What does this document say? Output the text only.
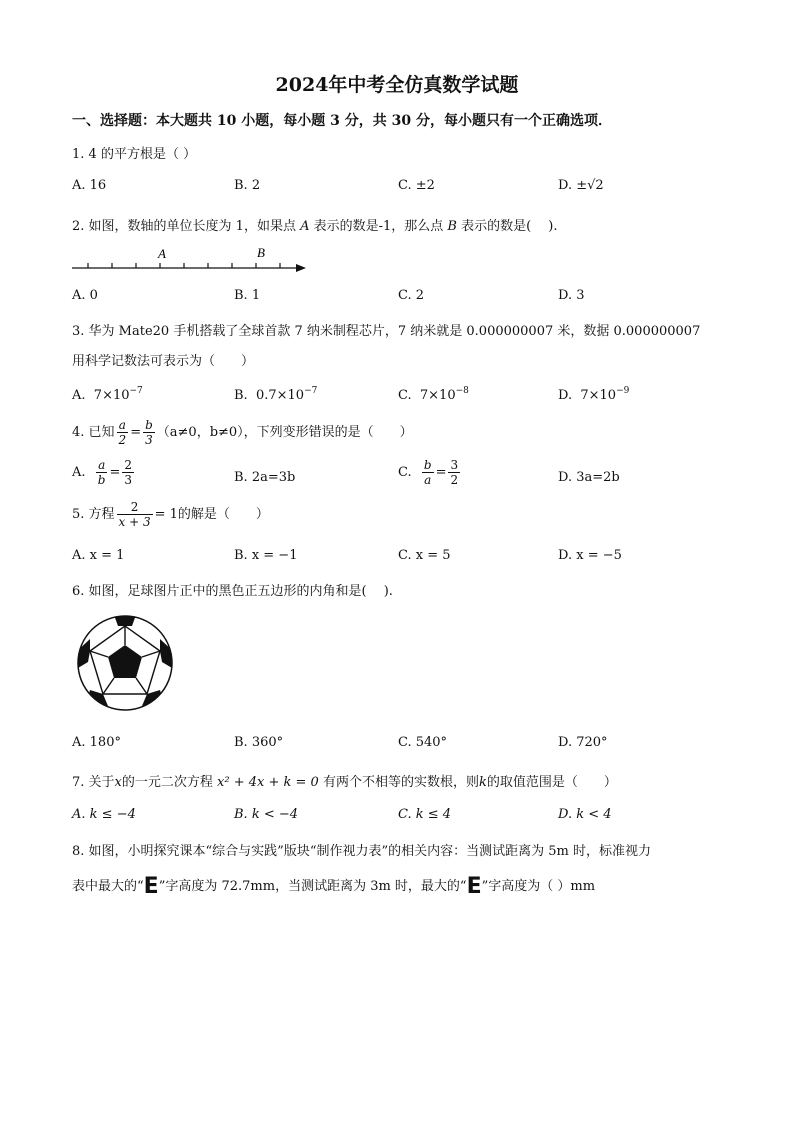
2024年中考全仿真数学试题
一、选择题：本大题共 10 小题，每小题 3 分，共 30 分，每小题只有一个正确选项．
1. 4 的平方根是（ ）
A. 16	B. 2	C. ±2	D. ±√2
2. 如图，数轴的单位长度为 1，如果点 A 表示的数是-1，那么点 B 表示的数是(　 ).
A	B
A. 0	B. 1	C. 2	D. 3
3. 华为 Mate20 手机搭载了全球首款 7 纳米制程芯片，7 纳米就是 0.000000007 米，数据 0.000000007
用科学记数法可表示为（　　）
A. $7\times 10^{-7}$	B. $0.7\times 10^{-7}$	C. $7\times 10^{-8}$	D. $7\times 10^{-9}$
4. 已知 $\frac{a}{2} = \frac{b}{3} (a\ne 0$，b≠0），下列变形错误的是（　　）
A. $\frac{a}{b} = \frac{2}{3}$	B. 2a=3b	C. $\frac{b}{a} = \frac{3}{2}$	D. 3a=2b
5. 方程 $\frac{2}{x + 3} = 1$的解是（　　）
A. x = 1	B. x = −1	C. x = 5	D. x = −5
6. 如图，足球图片正中的黑色正五边形的内角和是(　 ).
A. 180°	B. 360°	C. 540°	D. 720°
7. 关于x的一元二次方程 x² + 4x + k = 0 有两个不相等的实数根，则k的取值范围是（　　）
A. k ≤ −4	B. k < −4	C. k ≤ 4	D. k < 4
8. 如图，小明探究课本“综合与实践”版块“制作视力表”的相关内容：当测试距离为 5m 时，标准视力
表中最大的“E”字高度为 72.7mm，当测试距离为 3m 时，最大的“E”字高度为（ ）mm
